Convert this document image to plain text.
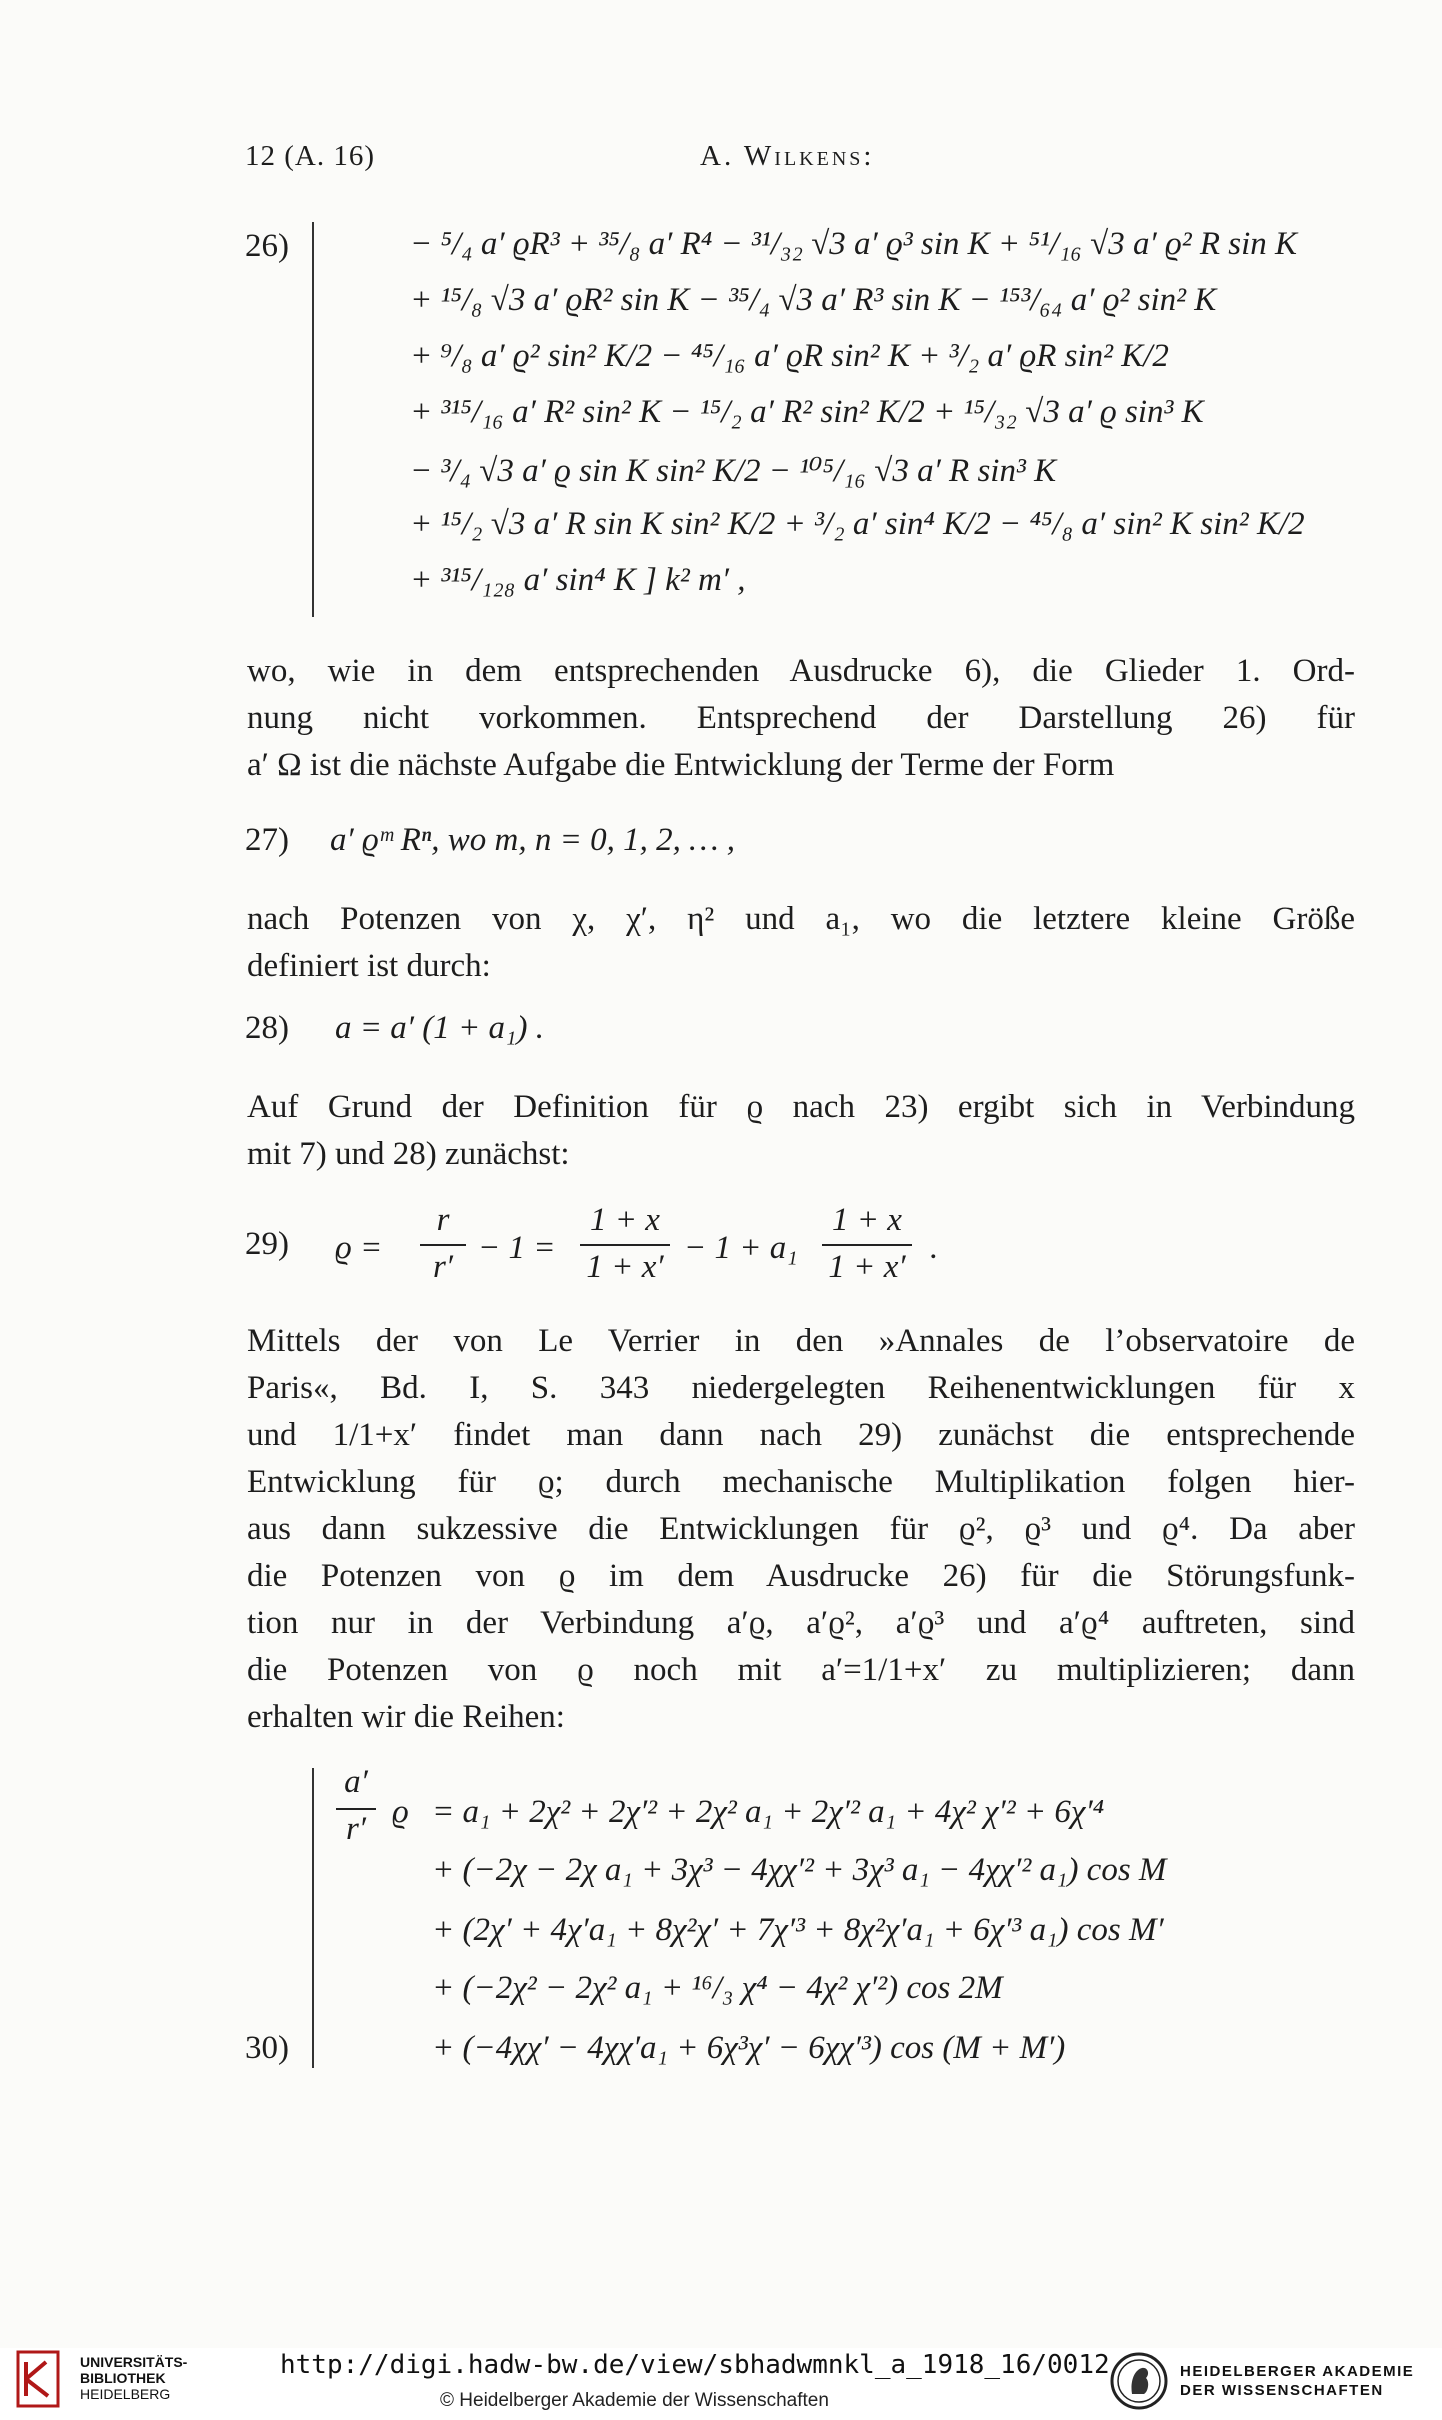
12 (A. 16)	A. Wilkens:
26)	− ⁵/₄ a′ ϱR³ + ³⁵/₈ a′ R⁴ − ³¹/₃₂ √3 a′ ϱ³ sin K + ⁵¹/₁₆ √3 a′ ϱ² R sin K
+ ¹⁵/₈ √3 a′ ϱR² sin K − ³⁵/₄ √3 a′ R³ sin K − ¹⁵³/₆₄ a′ ϱ² sin² K
+ ⁹/₈ a′ ϱ² sin² K/2 − ⁴⁵/₁₆ a′ ϱR sin² K + ³/₂ a′ ϱR sin² K/2
+ ³¹⁵/₁₆ a′ R² sin² K − ¹⁵/₂ a′ R² sin² K/2 + ¹⁵/₃₂ √3 a′ ϱ sin³ K
− ³/₄ √3 a′ ϱ sin K sin² K/2 − ¹⁰⁵/₁₆ √3 a′ R sin³ K
+ ¹⁵/₂ √3 a′ R sin K sin² K/2 + ³/₂ a′ sin⁴ K/2 − ⁴⁵/₈ a′ sin² K sin² K/2
+ ³¹⁵/₁₂₈ a′ sin⁴ K ] k² m′ ,
wo, wie in dem entsprechenden Ausdrucke 6), die Glieder 1. Ord-
nung nicht vorkommen. Entsprechend der Darstellung 26) für
a′ Ω ist die nächste Aufgabe die Entwicklung der Terme der Form
27) a′ ϱᵐ Rⁿ, wo m, n = 0, 1, 2, … ,
nach Potenzen von χ, χ′, η² und a₁, wo die letztere kleine Größe
definiert ist durch:
28) a = a′ (1 + a₁) .
Auf Grund der Definition für ϱ nach 23) ergibt sich in Verbindung
mit 7) und 28) zunächst:
29) ϱ =
r
r′
− 1 =
1 + x
1 + x′
− 1 + a₁
1 + x
1 + x′
.
Mittels der von Le Verrier in den »Annales de l’observatoire de
Paris«, Bd. I, S. 343 niedergelegten Reihenentwicklungen für x
und 1/1+x′ findet man dann nach 29) zunächst die entsprechende
Entwicklung für ϱ; durch mechanische Multiplikation folgen hier-
aus dann sukzessive die Entwicklungen für ϱ², ϱ³ und ϱ⁴. Da aber
die Potenzen von ϱ im dem Ausdrucke 26) für die Störungsfunk-
tion nur in der Verbindung a′ϱ, a′ϱ², a′ϱ³ und a′ϱ⁴ auftreten, sind
die Potenzen von ϱ noch mit a′=1/1+x′ zu multiplizieren; dann
erhalten wir die Reihen:
30)
a′
r′ ϱ = a₁ + 2χ² + 2χ′² + 2χ² a₁ + 2χ′² a₁ + 4χ² χ′² + 6χ′⁴
+ (−2χ − 2χ a₁ + 3χ³ − 4χχ′² + 3χ³ a₁ − 4χχ′² a₁) cos M
+ (2χ′ + 4χ′a₁ + 8χ²χ′ + 7χ′³ + 8χ²χ′a₁ + 6χ′³ a₁) cos M′
+ (−2χ² − 2χ² a₁ + ¹⁶/₃ χ⁴ − 4χ² χ′²) cos 2M
+ (−4χχ′ − 4χχ′a₁ + 6χ³χ′ − 6χχ′³) cos (M + M′)
UNIVERSITÄTS-
BIBLIOTHEK
HEIDELBERG
http://digi.hadw-bw.de/view/sbhadwmnkl_a_1918_16/0012
© Heidelberger Akademie der Wissenschaften
HEIDELBERGER AKADEMIE
DER WISSENSCHAFTEN
